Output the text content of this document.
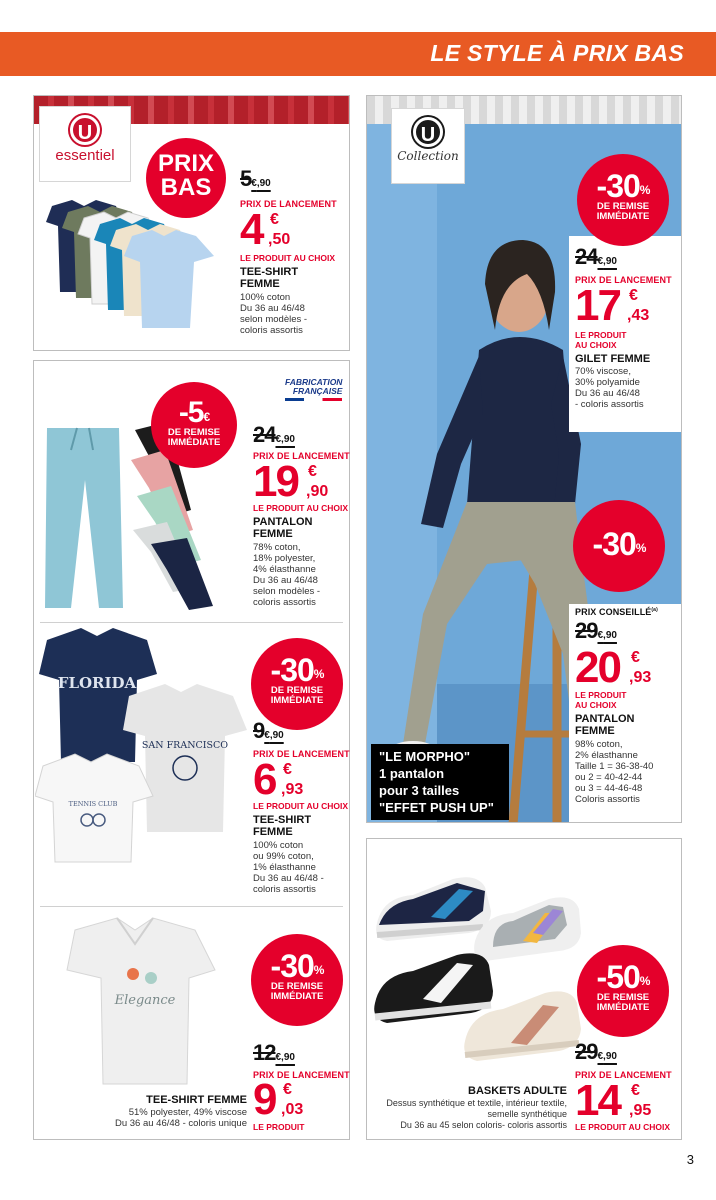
LE STYLE À PRIX BAS
U
essentiel	PRIX
BAS	5€,90
PRIX DE LANCEMENT
4 €
,50
LE PRODUIT AU CHOIX
TEE-SHIRT
FEMME
100% coton
Du 36 au 46/48
selon modèles -
coloris assortis
-5€
DE REMISE
IMMÉDIATE
FABRICATION
FRANÇAISE
24€,90
PRIX DE LANCEMENT
19 €
,90
LE PRODUIT AU CHOIX
PANTALON
FEMME
78% coton,
18% polyester,
4% élasthanne
Du 36 au 46/48
selon modèles -
coloris assortis
FLORIDA
SAN FRANCISCO
TENNIS CLUB
-30%
DE REMISE
IMMÉDIATE
9€,90
PRIX DE LANCEMENT
6 €
,93
LE PRODUIT AU CHOIX
TEE-SHIRT
FEMME
100% coton
ou 99% coton,
1% élasthanne
Du 36 au 46/48 -
coloris assortis
Elegance
-30%
DE REMISE
IMMÉDIATE
12€,90
PRIX DE LANCEMENT
9 €
,03
LE PRODUIT
TEE-SHIRT FEMME
51% polyester, 49% viscose
Du 36 au 46/48 - coloris unique
U
Collection
-30%
DE REMISE
IMMÉDIATE
24€,90
PRIX DE LANCEMENT
17 €
,43
LE PRODUIT
AU CHOIX
GILET FEMME
70% viscose,
30% polyamide
Du 36 au 46/48
- coloris assortis
-30%
PRIX CONSEILLÉ$^{(a)}$
29€,90
20 €
,93
LE PRODUIT
AU CHOIX
PANTALON
FEMME
98% coton,
2% élasthanne
Taille 1 = 36-38-40
ou 2 = 40-42-44
ou 3 = 44-46-48
Coloris assortis
"LE MORPHO"
1 pantalon
pour 3 tailles
"EFFET PUSH UP"
-50%
DE REMISE
IMMÉDIATE
29€,90
PRIX DE LANCEMENT
14 €
,95
LE PRODUIT AU CHOIX
BASKETS ADULTE
Dessus synthétique et textile, intérieur textile,
semelle synthétique
Du 36 au 45 selon coloris- coloris assortis
3
